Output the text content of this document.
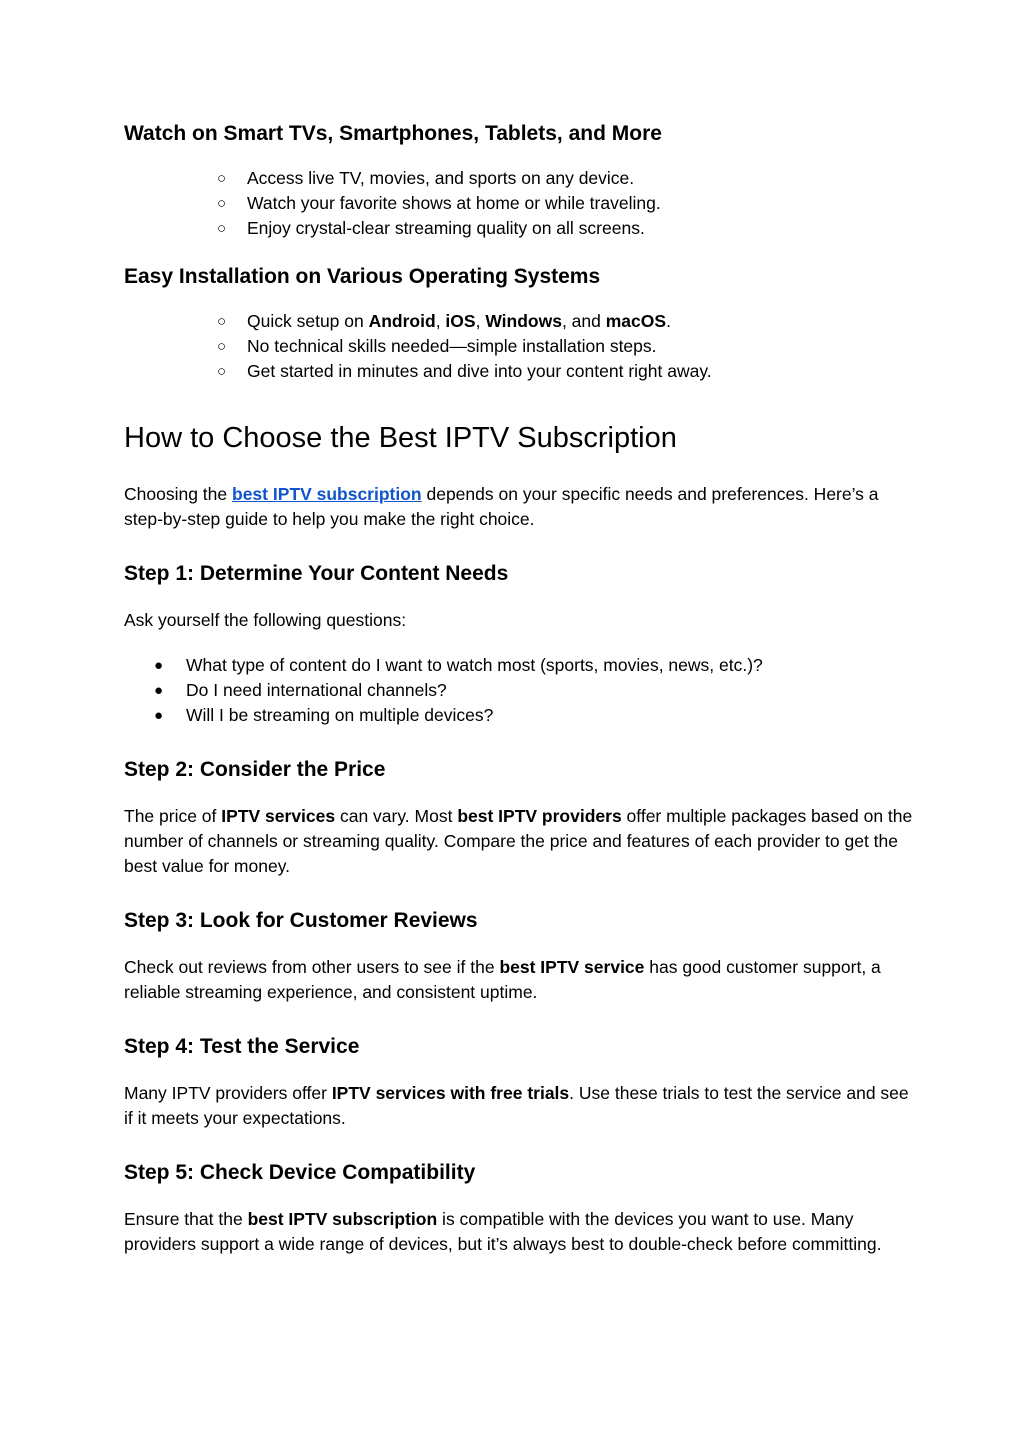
Watch on Smart TVs, Smartphones, Tablets, and More
○ Access live TV, movies, and sports on any device.
○ Watch your favorite shows at home or while traveling.
○ Enjoy crystal-clear streaming quality on all screens.
Easy Installation on Various Operating Systems
○ Quick setup on Android, iOS, Windows, and macOS.
○ No technical skills needed—simple installation steps.
○ Get started in minutes and dive into your content right away.
How to Choose the Best IPTV Subscription

Choosing the best IPTV subscription depends on your specific needs and preferences. Here’s a step-by-step guide to help you make the right choice.

Step 1: Determine Your Content Needs

Ask yourself the following questions:

● What type of content do I want to watch most (sports, movies, news, etc.)?
● Do I need international channels?
● Will I be streaming on multiple devices?
Step 2: Consider the Price

The price of IPTV services can vary. Most best IPTV providers offer multiple packages based on the number of channels or streaming quality. Compare the price and features of each provider to get the best value for money.

Step 3: Look for Customer Reviews

Check out reviews from other users to see if the best IPTV service has good customer support, a reliable streaming experience, and consistent uptime.

Step 4: Test the Service

Many IPTV providers offer IPTV services with free trials. Use these trials to test the service and see if it meets your expectations.

Step 5: Check Device Compatibility

Ensure that the best IPTV subscription is compatible with the devices you want to use. Many providers support a wide range of devices, but it’s always best to double-check before committing.
